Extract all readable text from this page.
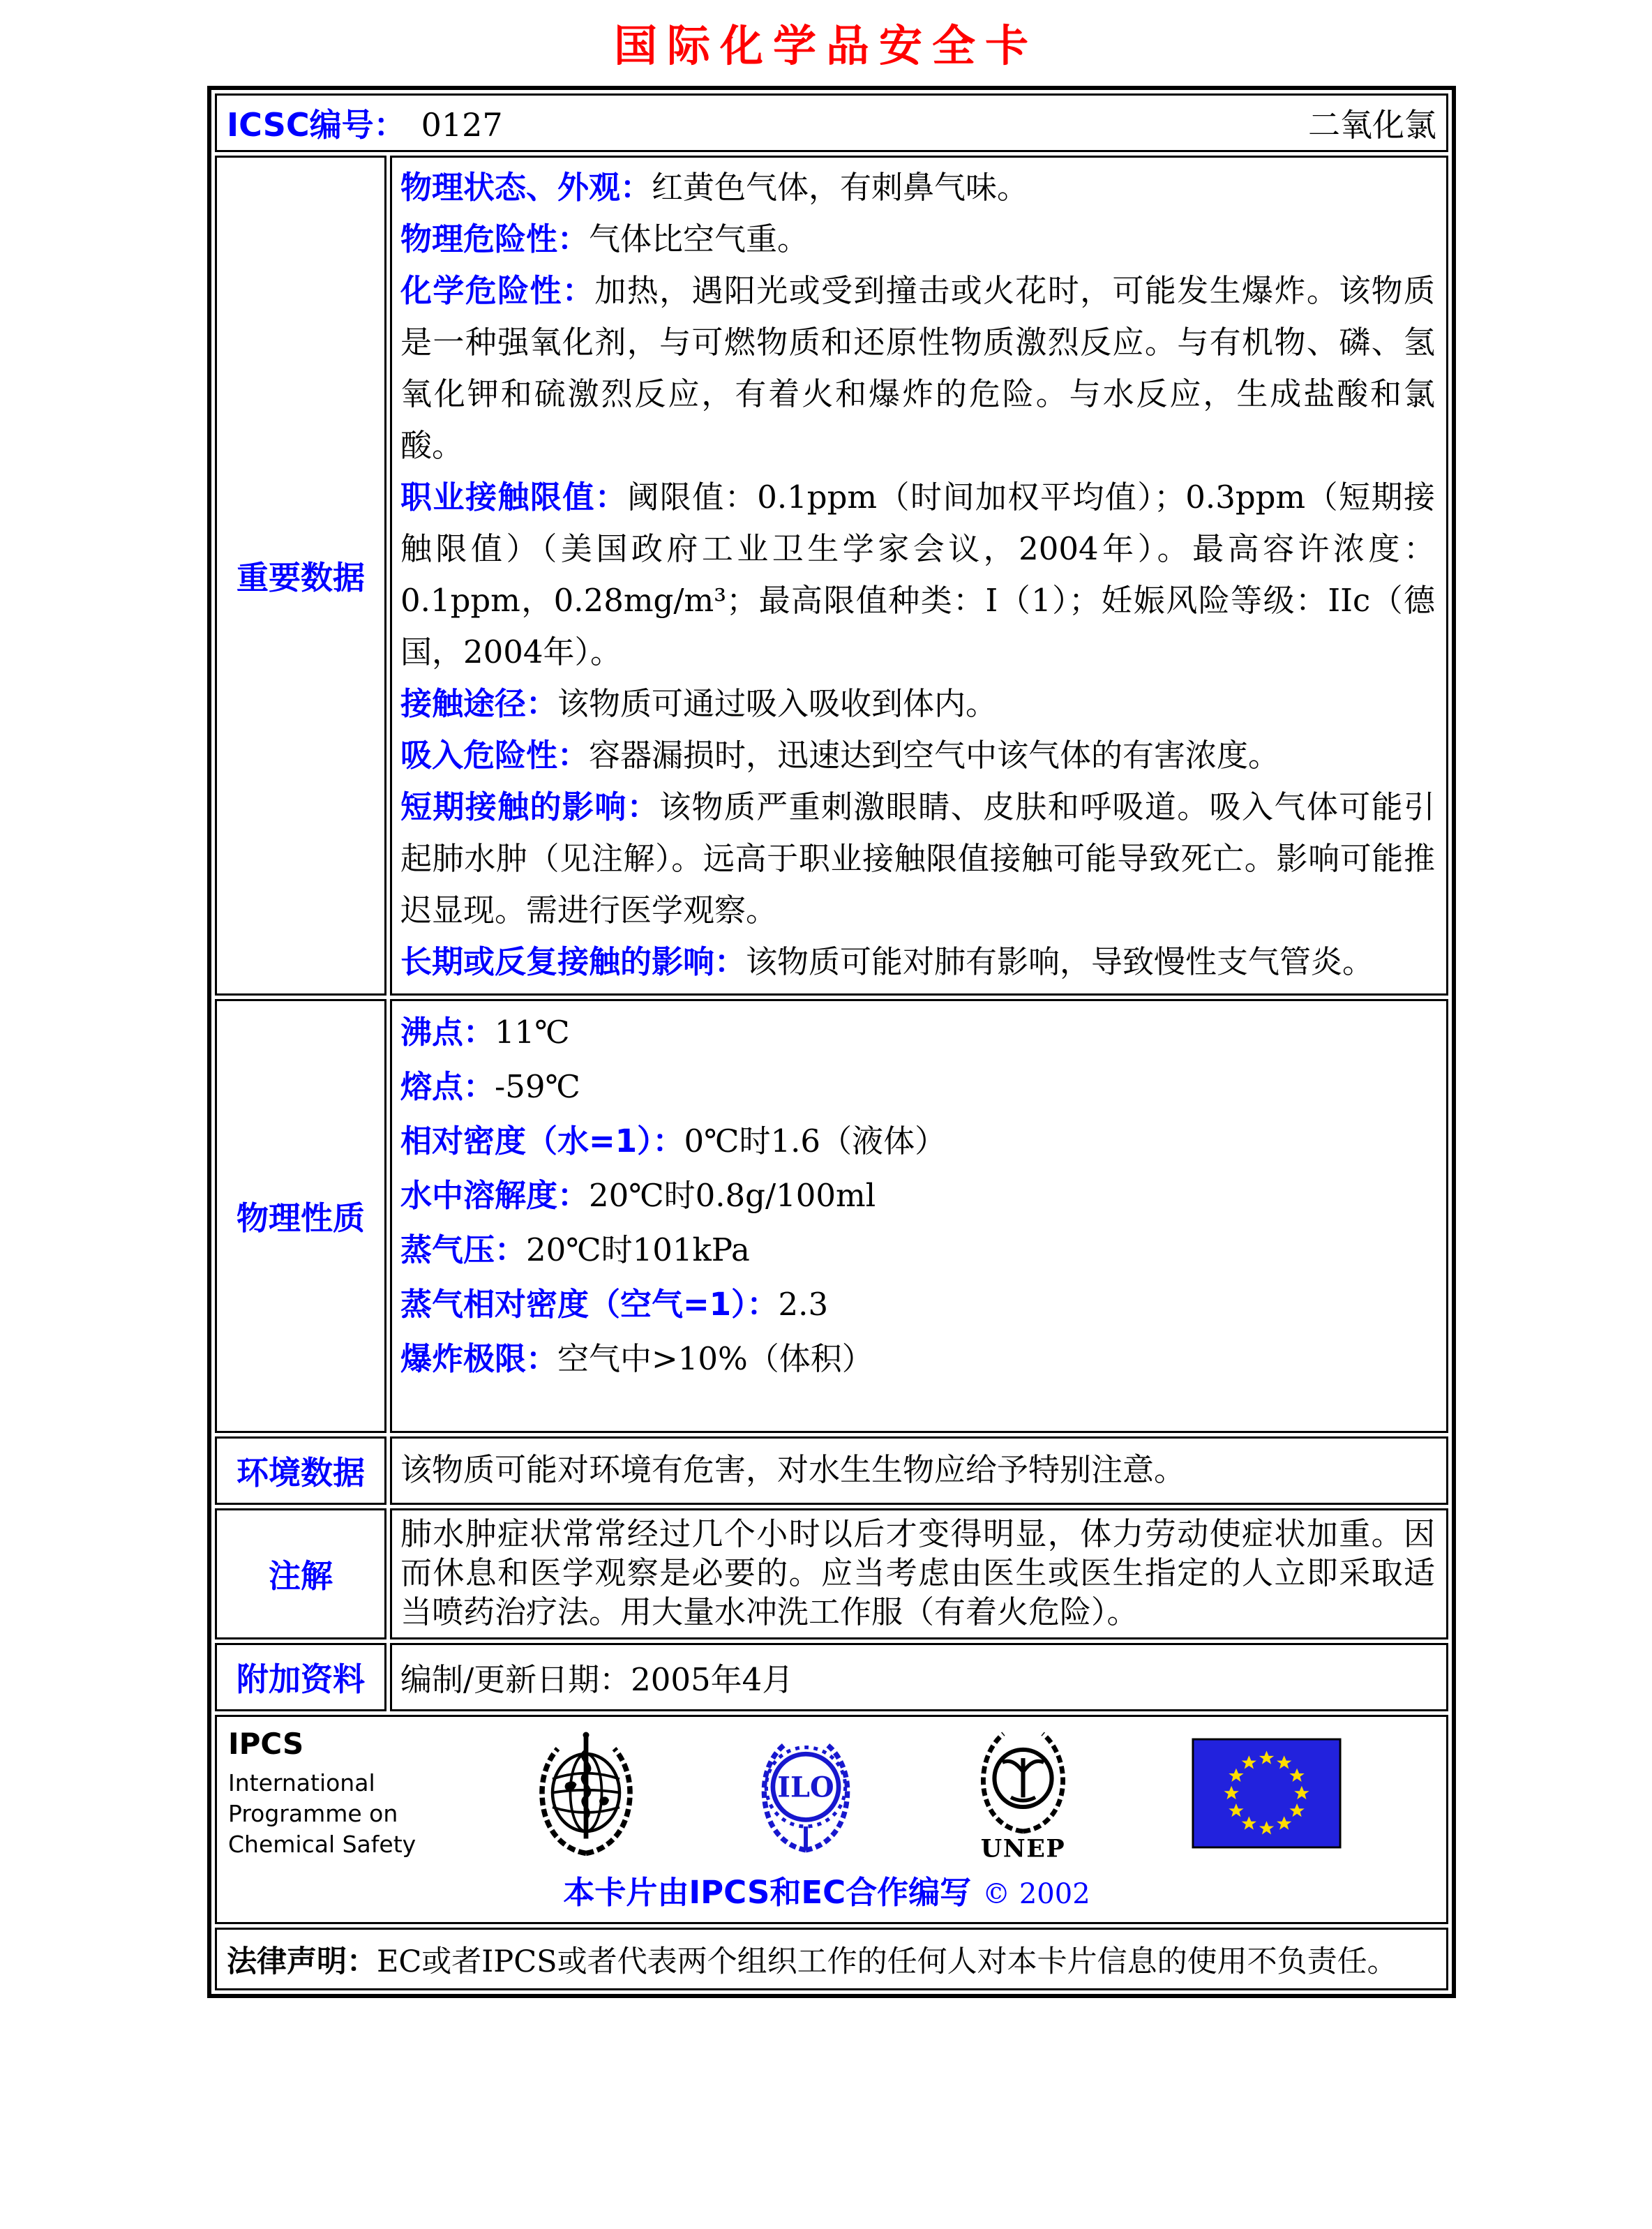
国际化学品安全卡
二氧化氯
ICSC编号： 0127	
重要数据	

物理状态、外观：红黄色气体，有刺鼻气味。

物理危险性：气体比空气重。

化学危险性：加热，遇阳光或受到撞击或火花时，可能发生爆炸。该物质是一种强氧化剂，与可燃物质和还原性物质激烈反应。与有机物、磷、氢氧化钾和硫激烈反应，有着火和爆炸的危险。与水反应，生成盐酸和氯酸。

职业接触限值：阈限值：0.1ppm（时间加权平均值）；0.3ppm（短期接触限值）（美国政府工业卫生学家会议，2004年）。最高容许浓度：0.1ppm，0.28mg/m³；最高限值种类：I（1）；妊娠风险等级：IIc（德国，2004年）。

接触途径：该物质可通过吸入吸收到体内。

吸入危险性：容器漏损时，迅速达到空气中该气体的有害浓度。

短期接触的影响：该物质严重刺激眼睛、皮肤和呼吸道。吸入气体可能引起肺水肿（见注解）。远高于职业接触限值接触可能导致死亡。影响可能推迟显现。需进行医学观察。

长期或反复接触的影响：该物质可能对肺有影响，导致慢性支气管炎。

物理性质	

沸点：11℃

熔点：-59℃

相对密度（水=1）：0℃时1.6（液体）

水中溶解度：20℃时0.8g/100ml

蒸气压：20℃时101kPa

蒸气相对密度（空气=1）：2.3

爆炸极限：空气中>10%（体积）

环境数据	该物质可能对环境有危害，对水生生物应给予特别注意。
注解	肺水肿症状常常经过几个小时以后才变得明显，体力劳动使症状加重。因而休息和医学观察是必要的。应当考虑由医生或医生指定的人立即采取适当喷药治疗法。用大量水冲洗工作服（有着火危险）。

附加资料	编制/更新日期：2005年4月

IPCS
International
Programme on
Chemical Safety
ILO
UNEP
本卡片由IPCS和EC合作编写 © 2002

法律声明：EC或者IPCS或者代表两个组织工作的任何人对本卡片信息的使用不负责任。	
